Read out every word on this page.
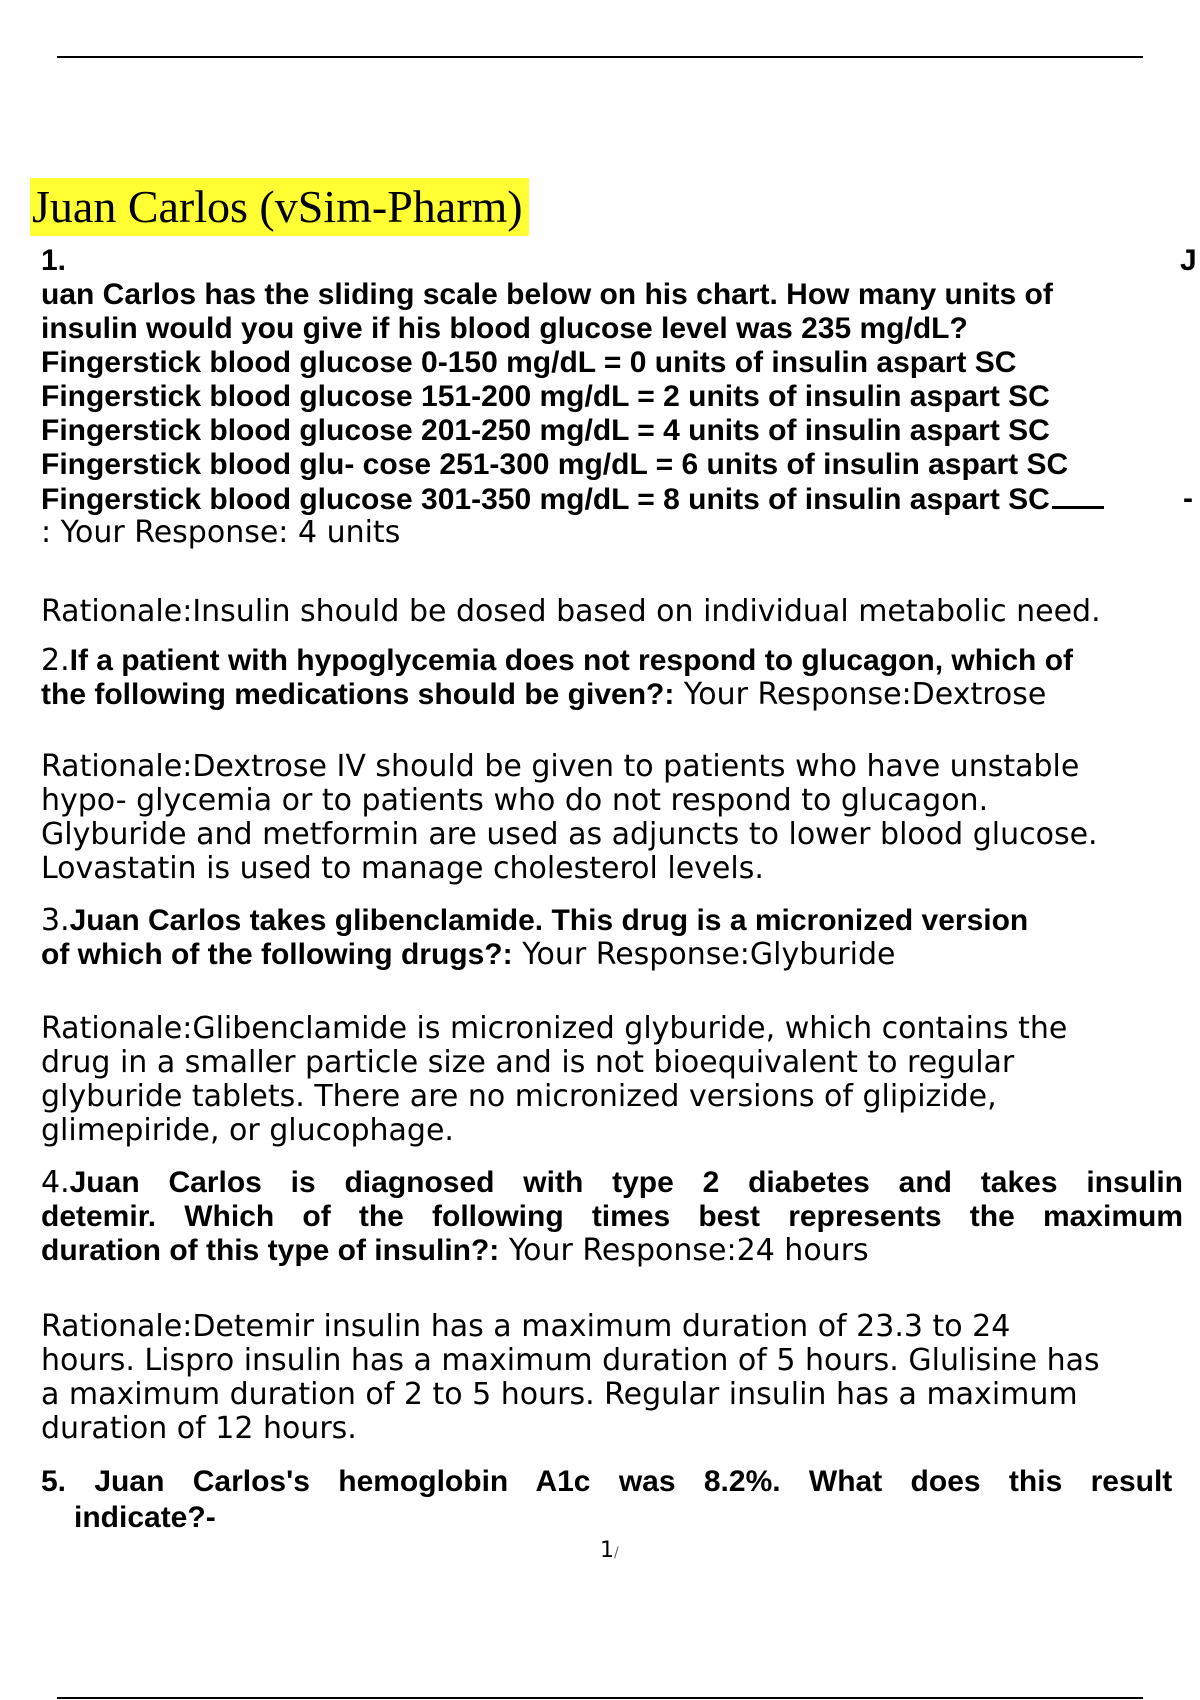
Juan Carlos (vSim-Pharm)
1.	J
uan Carlos has the sliding scale below on his chart. How many units of
insulin would you give if his blood glucose level was 235 mg/dL?
Fingerstick blood glucose 0-150 mg/dL = 0 units of insulin aspart SC
Fingerstick blood glucose 151-200 mg/dL = 2 units of insulin aspart SC
Fingerstick blood glucose 201-250 mg/dL = 4 units of insulin aspart SC
Fingerstick blood glu- cose 251-300 mg/dL = 6 units of insulin aspart SC
Fingerstick blood glucose 301-350 mg/dL = 8 units of insulin aspart SC	-
: Your Response: 4 units
Rationale:Insulin should be dosed based on individual metabolic need.
2.If a patient with hypoglycemia does not respond to glucagon, which of
the following medications should be given?: Your Response:Dextrose
Rationale:Dextrose IV should be given to patients who have unstable
hypo- glycemia or to patients who do not respond to glucagon.
Glyburide and metformin are used as adjuncts to lower blood glucose.
Lovastatin is used to manage cholesterol levels.
3.Juan Carlos takes glibenclamide. This drug is a micronized version
of which of the following drugs?: Your Response:Glyburide
Rationale:Glibenclamide is micronized glyburide, which contains the
drug in a smaller particle size and is not bioequivalent to regular
glyburide tablets. There are no micronized versions of glipizide,
glimepiride, or glucophage.
4.Juan Carlos is diagnosed with type 2 diabetes and takes insulin
detemir. Which of the following times best represents the maximum
duration of this type of insulin?: Your Response:24 hours
Rationale:Detemir insulin has a maximum duration of 23.3 to 24
hours. Lispro insulin has a maximum duration of 5 hours. Glulisine has
a maximum duration of 2 to 5 hours. Regular insulin has a maximum
duration of 12 hours.
5. Juan Carlos's hemoglobin A1c was 8.2%. What does this result
indicate?-
1/
